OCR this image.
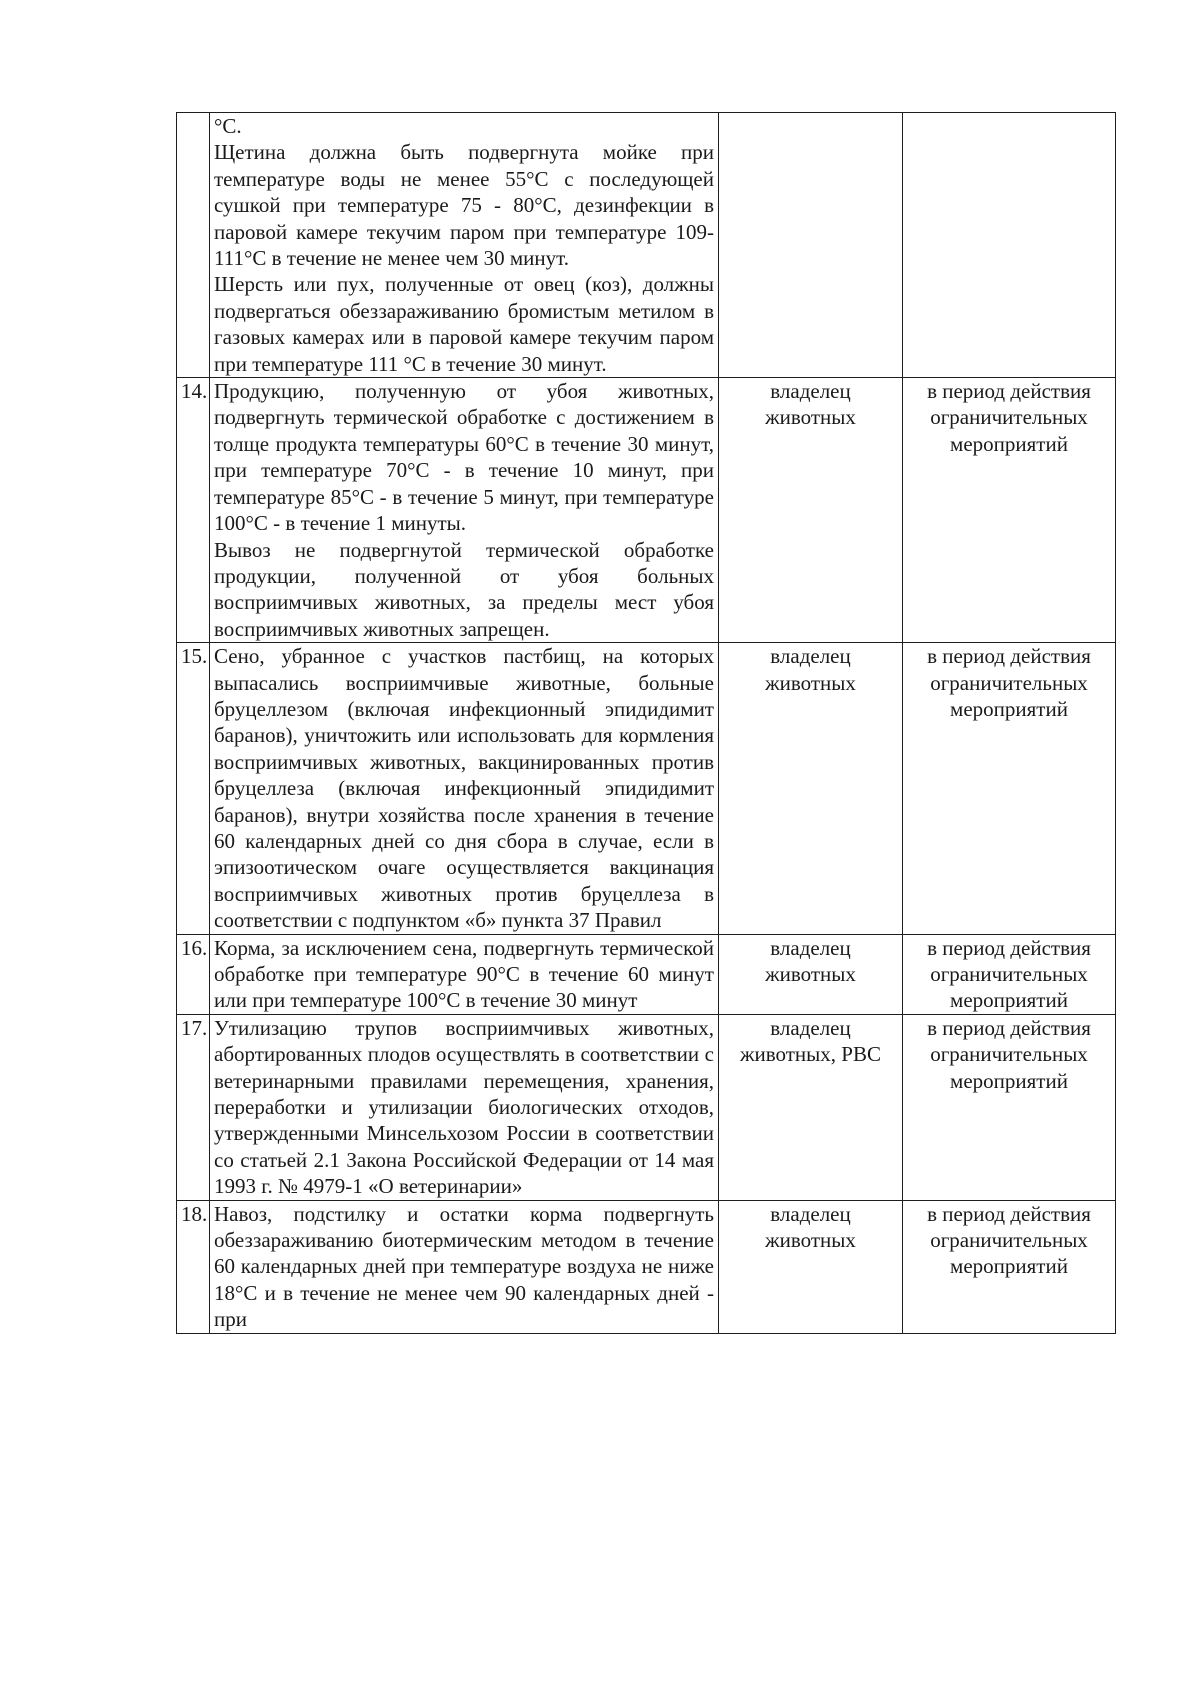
	°C.

Щетина должна быть подвергнута мойке при температуре воды не менее 55°C с последующей сушкой при температуре 75 - 80°C, дезинфекции в паровой камере текучим паром при температуре 109-111°C в течение не менее чем 30 минут.

Шерсть или пух, полученные от овец (коз), должны подвергаться обеззараживанию бромистым метилом в газовых камерах или в паровой камере текучим паром при температуре 111 °C в течение 30 минут.		

14.	Продукцию, полученную от убоя животных, подвергнуть термической обработке с достижением в толще продукта температуры 60°C в течение 30 минут, при температуре 70°C - в течение 10 минут, при температуре 85°C - в течение 5 минут, при температуре 100°C - в течение 1 минуты.

Вывоз не подвергнутой термической обработке продукции, полученной от убоя больных восприимчивых животных, за пределы мест убоя восприимчивых животных запрещен.	владелец животных	в период действия ограничительных мероприятий
15.	Сено, убранное с участков пастбищ, на которых выпасались восприимчивые животные, больные бруцеллезом (включая инфекционный эпидидимит баранов), уничтожить или использовать для кормления восприимчивых животных, вакцинированных против бруцеллеза (включая инфекционный эпидидимит баранов), внутри хозяйства после хранения в течение 60 календарных дней со дня сбора в случае, если в эпизоотическом очаге осуществляется вакцинация восприимчивых животных против бруцеллеза в соответствии с подпунктом «б» пункта 37 Правил	владелец животных	в период действия ограничительных мероприятий
16.	Корма, за исключением сена, подвергнуть термической обработке при температуре 90°C в течение 60 минут или при температуре 100°C в течение 30 минут	владелец животных	в период действия ограничительных мероприятий
17.	Утилизацию трупов восприимчивых животных, абортированных плодов осуществлять в соответствии с ветеринарными правилами перемещения, хранения, переработки и утилизации биологических отходов, утвержденными Минсельхозом России в соответствии со статьей 2.1 Закона Российской Федерации от 14 мая 1993 г. № 4979-1 «О ветеринарии»	владелец животных, РВС	в период действия ограничительных мероприятий
18.	Навоз, подстилку и остатки корма подвергнуть обеззараживанию биотермическим методом в течение 60 календарных дней при температуре воздуха не ниже 18°C и в течение не менее чем 90 календарных дней - при	владелец животных	в период действия ограничительных мероприятий
